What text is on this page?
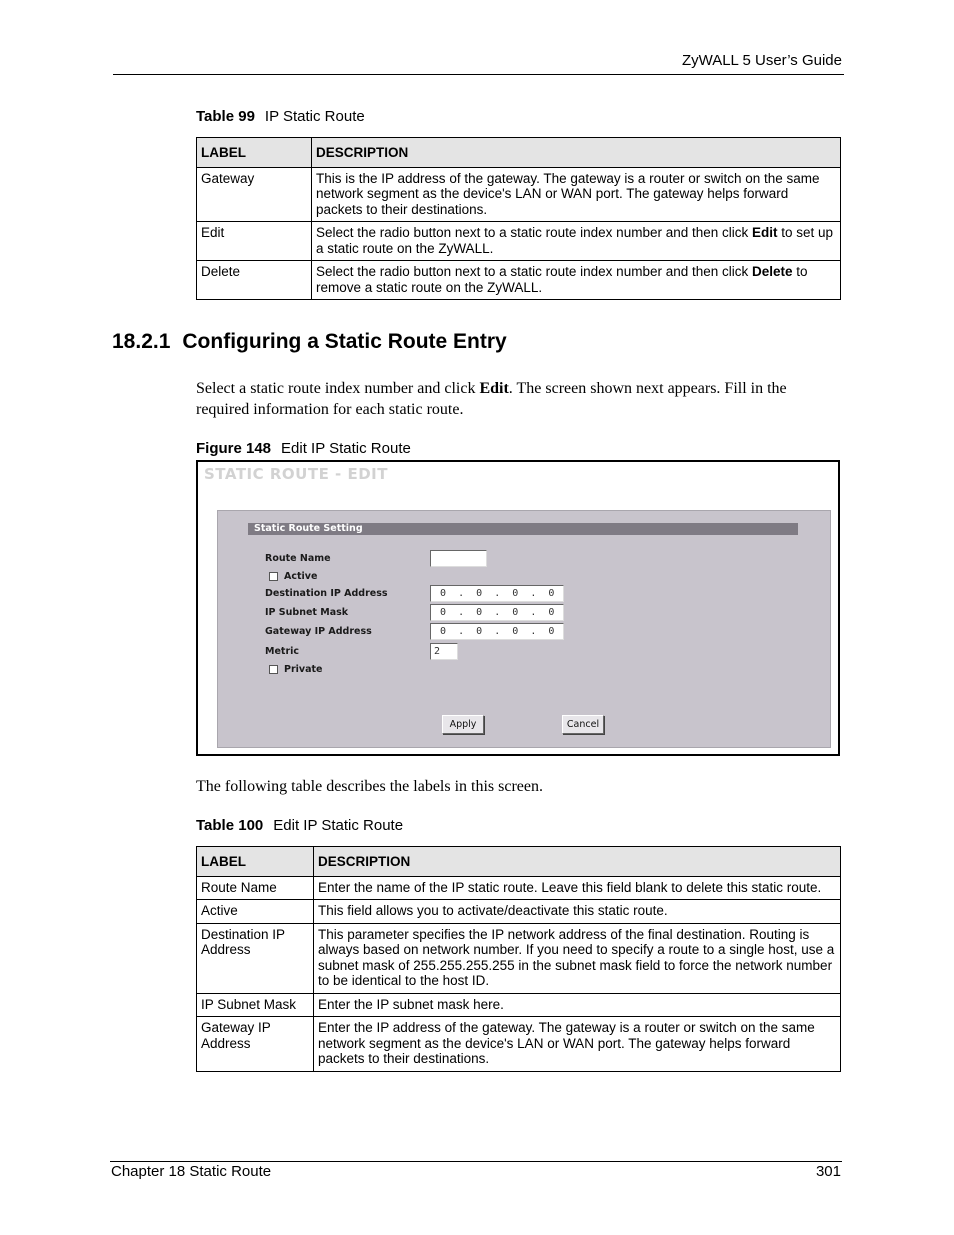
ZyWALL 5 User’s Guide
Table 99 IP Static Route
LABEL	DESCRIPTION
Gateway	This is the IP address of the gateway. The gateway is a router or switch on the same network segment as the device's LAN or WAN port. The gateway helps forward packets to their destinations.
Edit	Select the radio button next to a static route index number and then click Edit to set up a static route on the ZyWALL.
Delete	Select the radio button next to a static route index number and then click Delete to remove a static route on the ZyWALL.
18.2.1 Configuring a Static Route Entry
Select a static route index number and click Edit. The screen shown next appears. Fill in the required information for each static route.
Figure 148 Edit IP Static Route
STATIC ROUTE - EDIT
Static Route Setting
Route Name
Active
Destination IP Address	0  .  0  .  0  .  0
IP Subnet Mask	0  .  0  .  0  .  0
Gateway IP Address	0  .  0  .  0  .  0
Metric	2
Private
Apply	Cancel
The following table describes the labels in this screen.
Table 100 Edit IP Static Route
LABEL	DESCRIPTION
Route Name	Enter the name of the IP static route. Leave this field blank to delete this static route.
Active	This field allows you to activate/deactivate this static route.
Destination IP Address	This parameter specifies the IP network address of the final destination. Routing is always based on network number. If you need to specify a route to a single host, use a subnet mask of 255.255.255.255 in the subnet mask field to force the network number to be identical to the host ID.
IP Subnet Mask	Enter the IP subnet mask here.
Gateway IP Address	Enter the IP address of the gateway. The gateway is a router or switch on the same network segment as the device's LAN or WAN port. The gateway helps forward packets to their destinations.
Chapter 18 Static Route	301
